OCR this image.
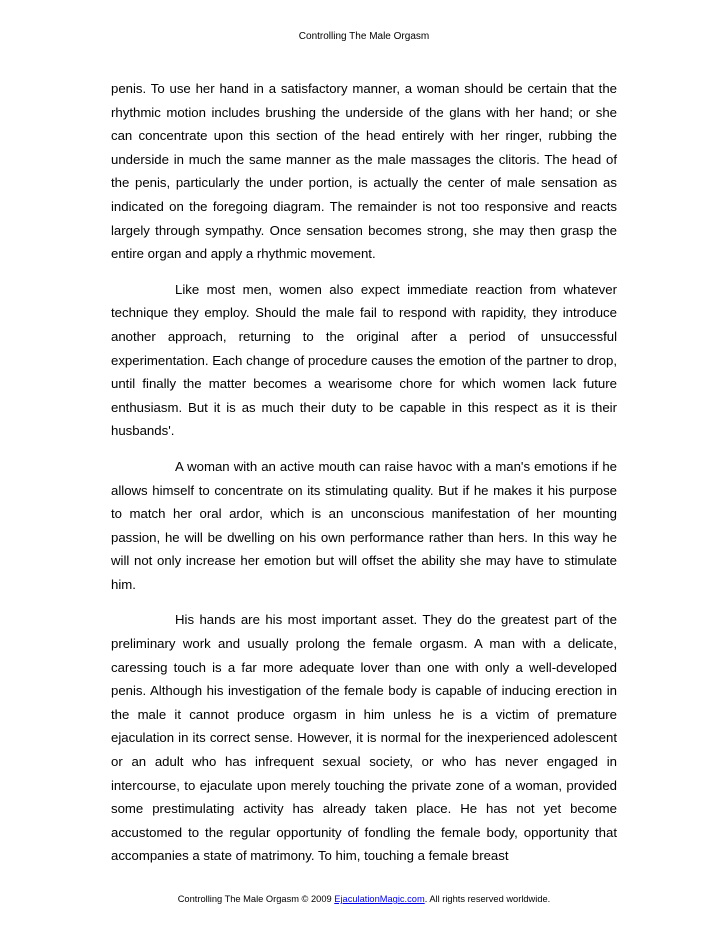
Controlling The Male Orgasm

penis. To use her hand in a satisfactory manner, a woman should be certain that the rhythmic motion includes brushing the underside of the glans with her hand; or she can concentrate upon this section of the head entirely with her ringer, rubbing the underside in much the same manner as the male massages the clitoris. The head of the penis, particularly the under portion, is actually the center of male sensation as indicated on the foregoing diagram. The remainder is not too responsive and reacts largely through sympathy. Once sensation becomes strong, she may then grasp the entire organ and apply a rhythmic movement.

Like most men, women also expect immediate reaction from whatever technique they employ. Should the male fail to respond with rapidity, they introduce another approach, returning to the original after a period of unsuccessful experimentation. Each change of procedure causes the emotion of the partner to drop, until finally the matter becomes a wearisome chore for which women lack future enthusiasm. But it is as much their duty to be capable in this respect as it is their husbands'.

A woman with an active mouth can raise havoc with a man's emotions if he allows himself to concentrate on its stimulating quality. But if he makes it his purpose to match her oral ardor, which is an unconscious manifestation of her mounting passion, he will be dwelling on his own performance rather than hers. In this way he will not only increase her emotion but will offset the ability she may have to stimulate him.

His hands are his most important asset. They do the greatest part of the preliminary work and usually prolong the female orgasm. A man with a delicate, caressing touch is a far more adequate lover than one with only a well-developed penis. Although his investigation of the female body is capable of inducing erection in the male it cannot produce orgasm in him unless he is a victim of premature ejaculation in its correct sense. However, it is normal for the inexperienced adolescent or an adult who has infrequent sexual society, or who has never engaged in intercourse, to ejaculate upon merely touching the private zone of a woman, provided some prestimulating activity has already taken place. He has not yet become accustomed to the regular opportunity of fondling the female body, opportunity that accompanies a state of matrimony. To him, touching a female breast

Controlling The Male Orgasm © 2009 EjaculationMagic.com. All rights reserved worldwide.
